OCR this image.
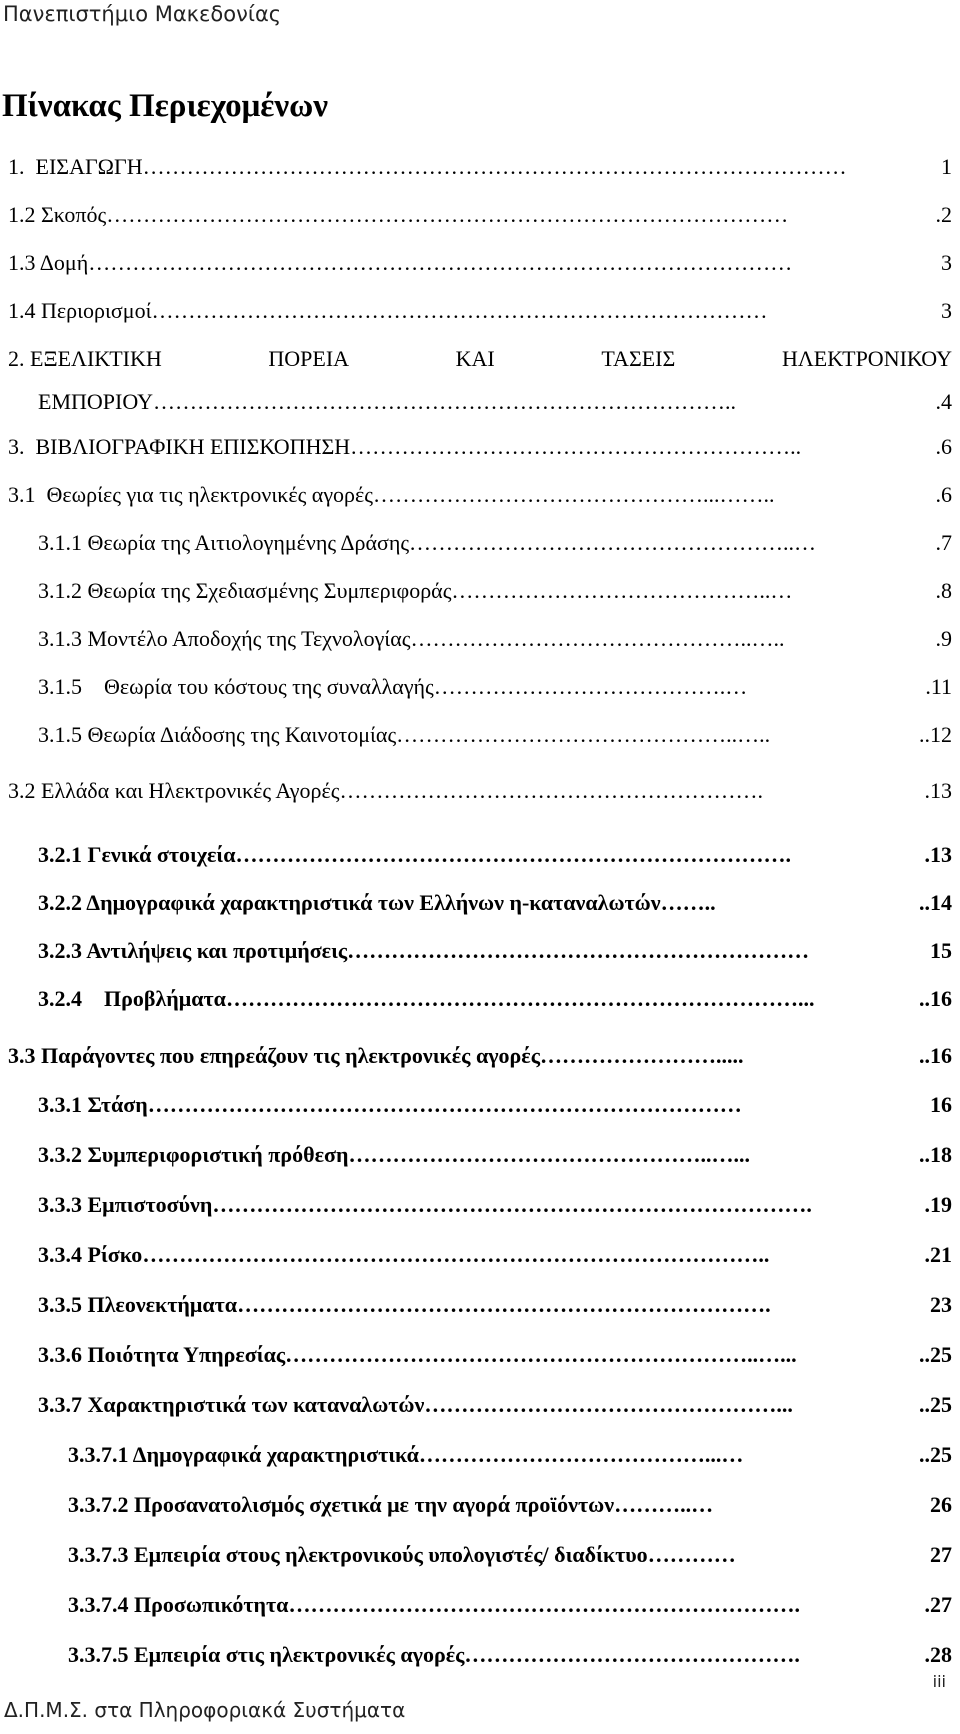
Πανεπιστήμιο Μακεδονίας
Πίνακας Περιεχομένων
1.  ΕΙΣΑΓΩΓΗ ……………………………………………………………………………………	1
1.2 Σκοπός …………………………………………………………………………………	.2
1.3 Δομή ……………………………………………………………………………………	3
1.4 Περιορισμοί …………………………………………………………………………	3
2. ΕΞΕΛΙΚΤΙΚΗ	ΠΟΡΕΙΑ	ΚΑΙ	ΤΑΣΕΙΣ	ΗΛΕΚΤΡΟΝΙΚΟΥ
ΕΜΠΟΡΙΟΥ ……………………………………………………………………..	.4
3.  ΒΙΒΛΙΟΓΡΑΦΙΚΗ ΕΠΙΣΚΟΠΗΣΗ ……………………………………………………..	.6
3.1  Θεωρίες για τις ηλεκτρονικές αγορές ………………………………………...……..	.6
3.1.1 Θεωρία της Αιτιολογημένης Δράσης ……………………………………………..…	.7
3.1.2 Θεωρία της Σχεδιασμένης Συμπεριφοράς ……………………………………..…	.8
3.1.3 Μοντέλο Αποδοχής της Τεχνολογίας ………………………………………..…..	.9
3.1.5    Θεωρία του κόστους της συναλλαγής ………………………………….…	.11
3.1.5 Θεωρία Διάδοσης της Καινοτομίας ………………………………………..…..	..12
3.2 Ελλάδα και Ηλεκτρονικές Αγορές ………………………………………………….	.13
3.2.1 Γενικά στοιχεία ………………………………………………………………….	.13
3.2.2 Δημογραφικά χαρακτηριστικά των Ελλήνων η-καταναλωτών ……..	..14
3.2.3 Αντιλήψεις και προτιμήσεις ………………………………………………………	15
3.2.4    Προβλήματα ……………………………………………………………………...	..16
3.3 Παράγοντες που επηρεάζουν τις ηλεκτρονικές αγορές …………………….....	..16
3.3.1 Στάση ………………………………………………………………………	16
3.3.2 Συμπεριφοριστική πρόθεση …………………………………………..…...	..18
3.3.3 Εμπιστοσύνη ……………………………………………………………………….	.19
3.3.4 Ρίσκο …………………………………………………………………………..	.21
3.3.5 Πλεονεκτήματα ……………………………………………………………….	23
3.3.6 Ποιότητα Υπηρεσίας ………………………………………………………..…...	..25
3.3.7 Χαρακτηριστικά των καταναλωτών …………………………………………...	..25
3.3.7.1 Δημογραφικά χαρακτηριστικά …………………………………...…	..25
3.3.7.2 Προσανατολισμός σχετικά με την αγορά προϊόντων ………..…	26
3.3.7.3 Εμπειρία στους ηλεκτρονικούς υπολογιστές/ διαδίκτυο …………	27
3.3.7.4 Προσωπικότητα …………………………………………………………….	.27
3.3.7.5 Εμπειρία στις ηλεκτρονικές αγορές ……………………………………….	.28
iii
Δ.Π.Μ.Σ. στα Πληροφοριακά Συστήματα
